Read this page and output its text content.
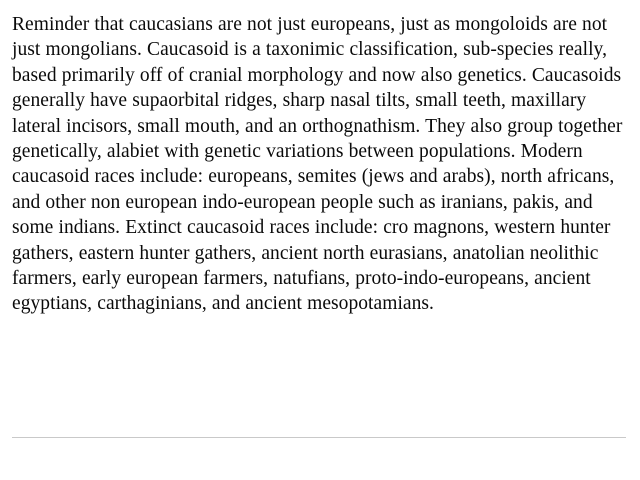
Reminder that caucasians are not just europeans, just as mongoloids are not just mongolians. Caucasoid is a taxonimic classification, sub-species really, based primarily off of cranial morphology and now also genetics. Caucasoids generally have supaorbital ridges, sharp nasal tilts, small teeth, maxillary lateral incisors, small mouth, and an orthognathism. They also group together genetically, alabiet with genetic variations between populations. Modern caucasoid races include: europeans, semites (jews and arabs), north africans, and other non european indo-european people such as iranians, pakis, and some indians. Extinct caucasoid races include: cro magnons, western hunter gathers, eastern hunter gathers, ancient north eurasians, anatolian neolithic farmers, early european farmers, natufians, proto-indo-europeans, ancient egyptians, carthaginians, and ancient mesopotamians.
